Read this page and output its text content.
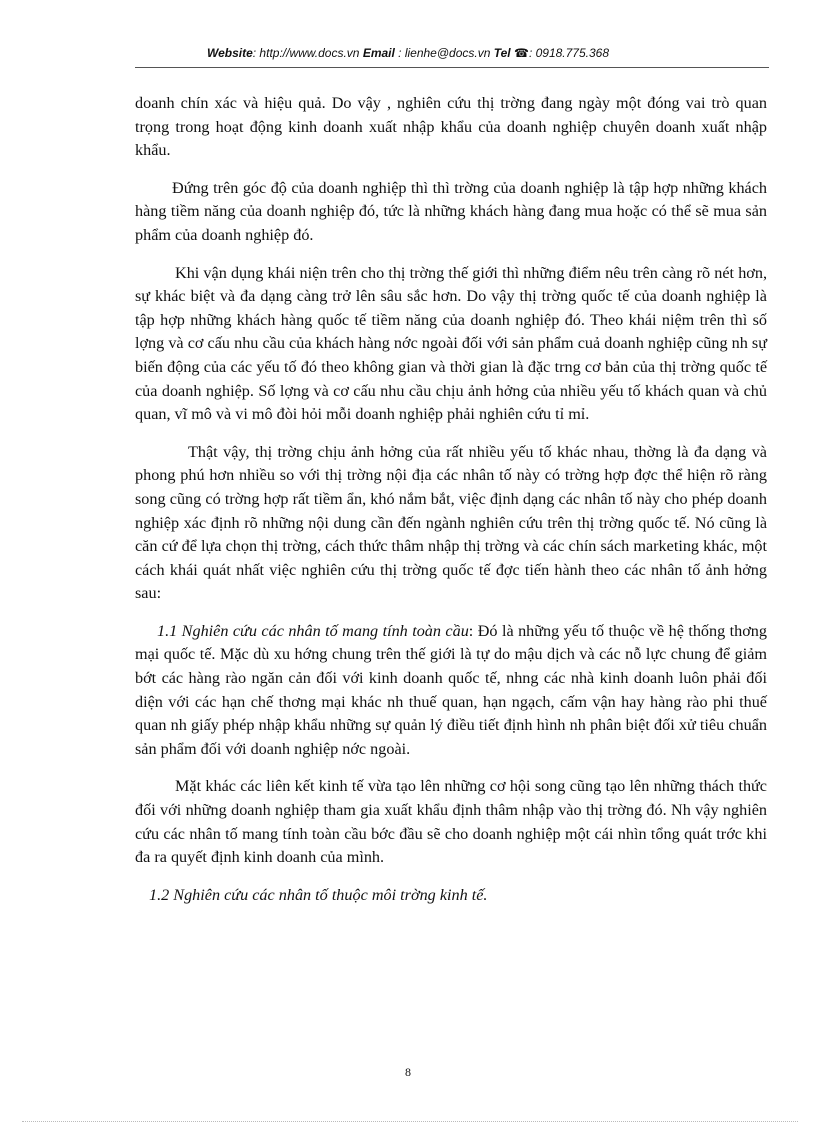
Website: http://www.docs.vn Email : lienhe@docs.vn Tel ☎: 0918.775.368

doanh chín xác và hiệu quả. Do vậy , nghiên cứu thị trờng đang ngày một đóng vai trò quan trọng trong hoạt động kinh doanh xuất nhập khẩu của doanh nghiệp chuyên doanh xuất nhập khẩu.

Đứng trên góc độ của doanh nghiệp thì thì trờng của doanh nghiệp là tập hợp những khách hàng tiềm năng của doanh nghiệp đó, tức là những khách hàng đang mua hoặc có thể sẽ mua sản phẩm của doanh nghiệp đó.

Khi vận dụng khái niện trên cho thị trờng thế giới thì những điểm nêu trên càng rõ nét hơn, sự khác biệt và đa dạng càng trở lên sâu sắc hơn. Do vậy thị trờng quốc tế của doanh nghiệp là tập hợp những khách hàng quốc tế tiềm năng của doanh nghiệp đó. Theo khái niệm trên thì số lợng và cơ cấu nhu cầu của khách hàng nớc ngoài đối với sản phẩm cuả doanh nghiệp cũng nh sự biến động của các yếu tố đó theo không gian và thời gian là đặc trng cơ bản của thị trờng quốc tế của doanh nghiệp. Số lợng và cơ cấu nhu cầu chịu ảnh hởng của nhiều yếu tố khách quan và chủ quan, vĩ mô và vi mô đòi hỏi mỗi doanh nghiệp phải nghiên cứu tỉ mỉ.

Thật vậy, thị trờng chịu ảnh hởng của rất nhiều yếu tố khác nhau, thờng là đa dạng và phong phú hơn nhiều so với thị trờng nội địa các nhân tố này có trờng hợp đợc thể hiện rõ ràng song cũng có trờng hợp rất tiềm ẩn, khó nắm bắt, việc định dạng các nhân tố này cho phép doanh nghiệp xác định rõ những nội dung cần đến ngành nghiên cứu trên thị trờng quốc tế. Nó cũng là căn cứ để lựa chọn thị trờng, cách thức thâm nhập thị trờng và các chín sách marketing khác, một cách khái quát nhất việc nghiên cứu thị trờng quốc tế đợc tiến hành theo các nhân tố ảnh hởng sau:

1.1 Nghiên cứu các nhân tố mang tính toàn cầu: Đó là những yếu tố thuộc về hệ thống thơng mại quốc tế. Mặc dù xu hớng chung trên thế giới là tự do mậu dịch và các nỗ lực chung để giảm bớt các hàng rào ngăn cản đối với kinh doanh quốc tế, nhng các nhà kinh doanh luôn phải đối diện với các hạn chế thơng mại khác nh thuế quan, hạn ngạch, cấm vận hay hàng rào phi thuế quan nh giấy phép nhập khẩu những sự quản lý điều tiết định hình nh phân biệt đối xử tiêu chuẩn sản phẩm đối với doanh nghiệp nớc ngoài.

Mặt khác các liên kết kinh tế vừa tạo lên những cơ hội song cũng tạo lên những thách thức đối với những doanh nghiệp tham gia xuất khẩu định thâm nhập vào thị trờng đó. Nh vậy nghiên cứu các nhân tố mang tính toàn cầu bớc đầu sẽ cho doanh nghiệp một cái nhìn tổng quát trớc khi đa ra quyết định kinh doanh của mình.

1.2 Nghiên cứu các nhân tố thuộc môi trờng kinh tế.

8
